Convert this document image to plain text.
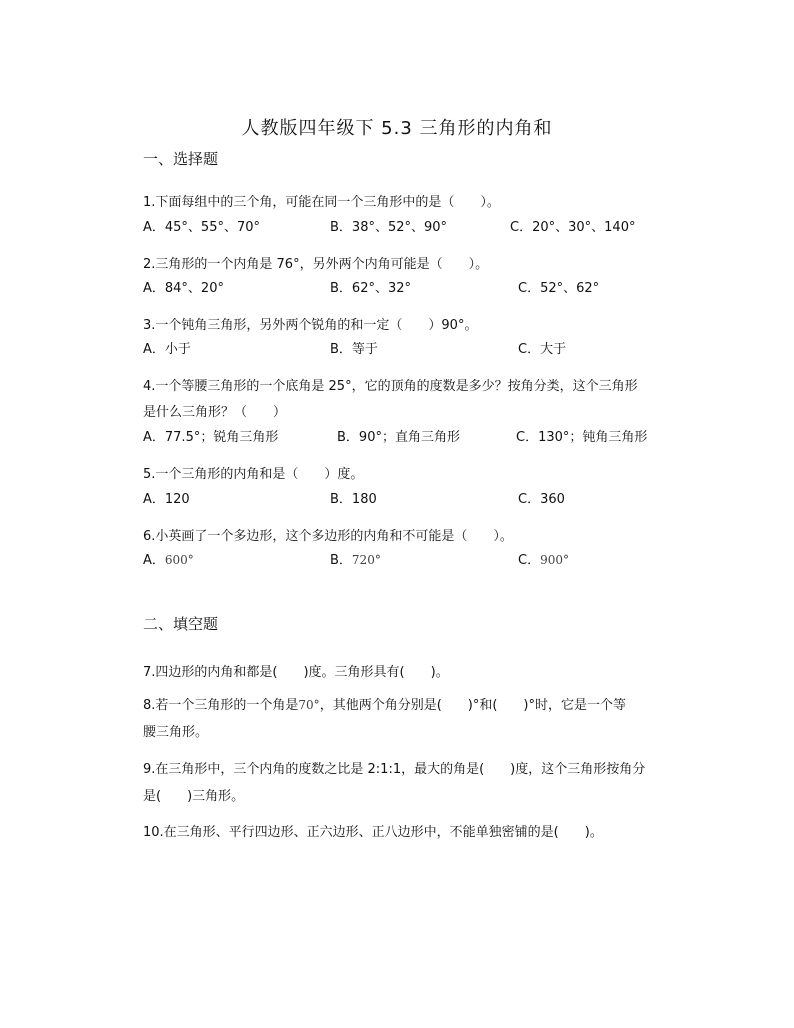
人教版四年级下 5.3 三角形的内角和
一、选择题
1.下面每组中的三个角，可能在同一个三角形中的是（　　）。
A．45°、55°、70°	B．38°、52°、90°	C．20°、30°、140°
2.三角形的一个内角是 76°，另外两个内角可能是（　　）。
A．84°、20°	B．62°、32°	C．52°、62°
3.一个钝角三角形，另外两个锐角的和一定（　　）90°。
A．小于	B．等于	C．大于
4.一个等腰三角形的一个底角是 25°，它的顶角的度数是多少？按角分类，这个三角形
是什么三角形？（　　）
A．77.5°；锐角三角形	B．90°；直角三角形	C．130°；钝角三角形
5.一个三角形的内角和是（　　）度。
A．120	B．180	C．360
6.小英画了一个多边形，这个多边形的内角和不可能是（　　）。
A．600°	B．720°	C．900°
二、填空题
7.四边形的内角和都是(　　)度。三角形具有(　　)。
8.若一个三角形的一个角是70°，其他两个角分别是(　　)°和(　　)°时，它是一个等
腰三角形。
9.在三角形中，三个内角的度数之比是 2:1:1，最大的角是(　　)度，这个三角形按角分
是(　　)三角形。
10.在三角形、平行四边形、正六边形、正八边形中，不能单独密铺的是(　　)。
